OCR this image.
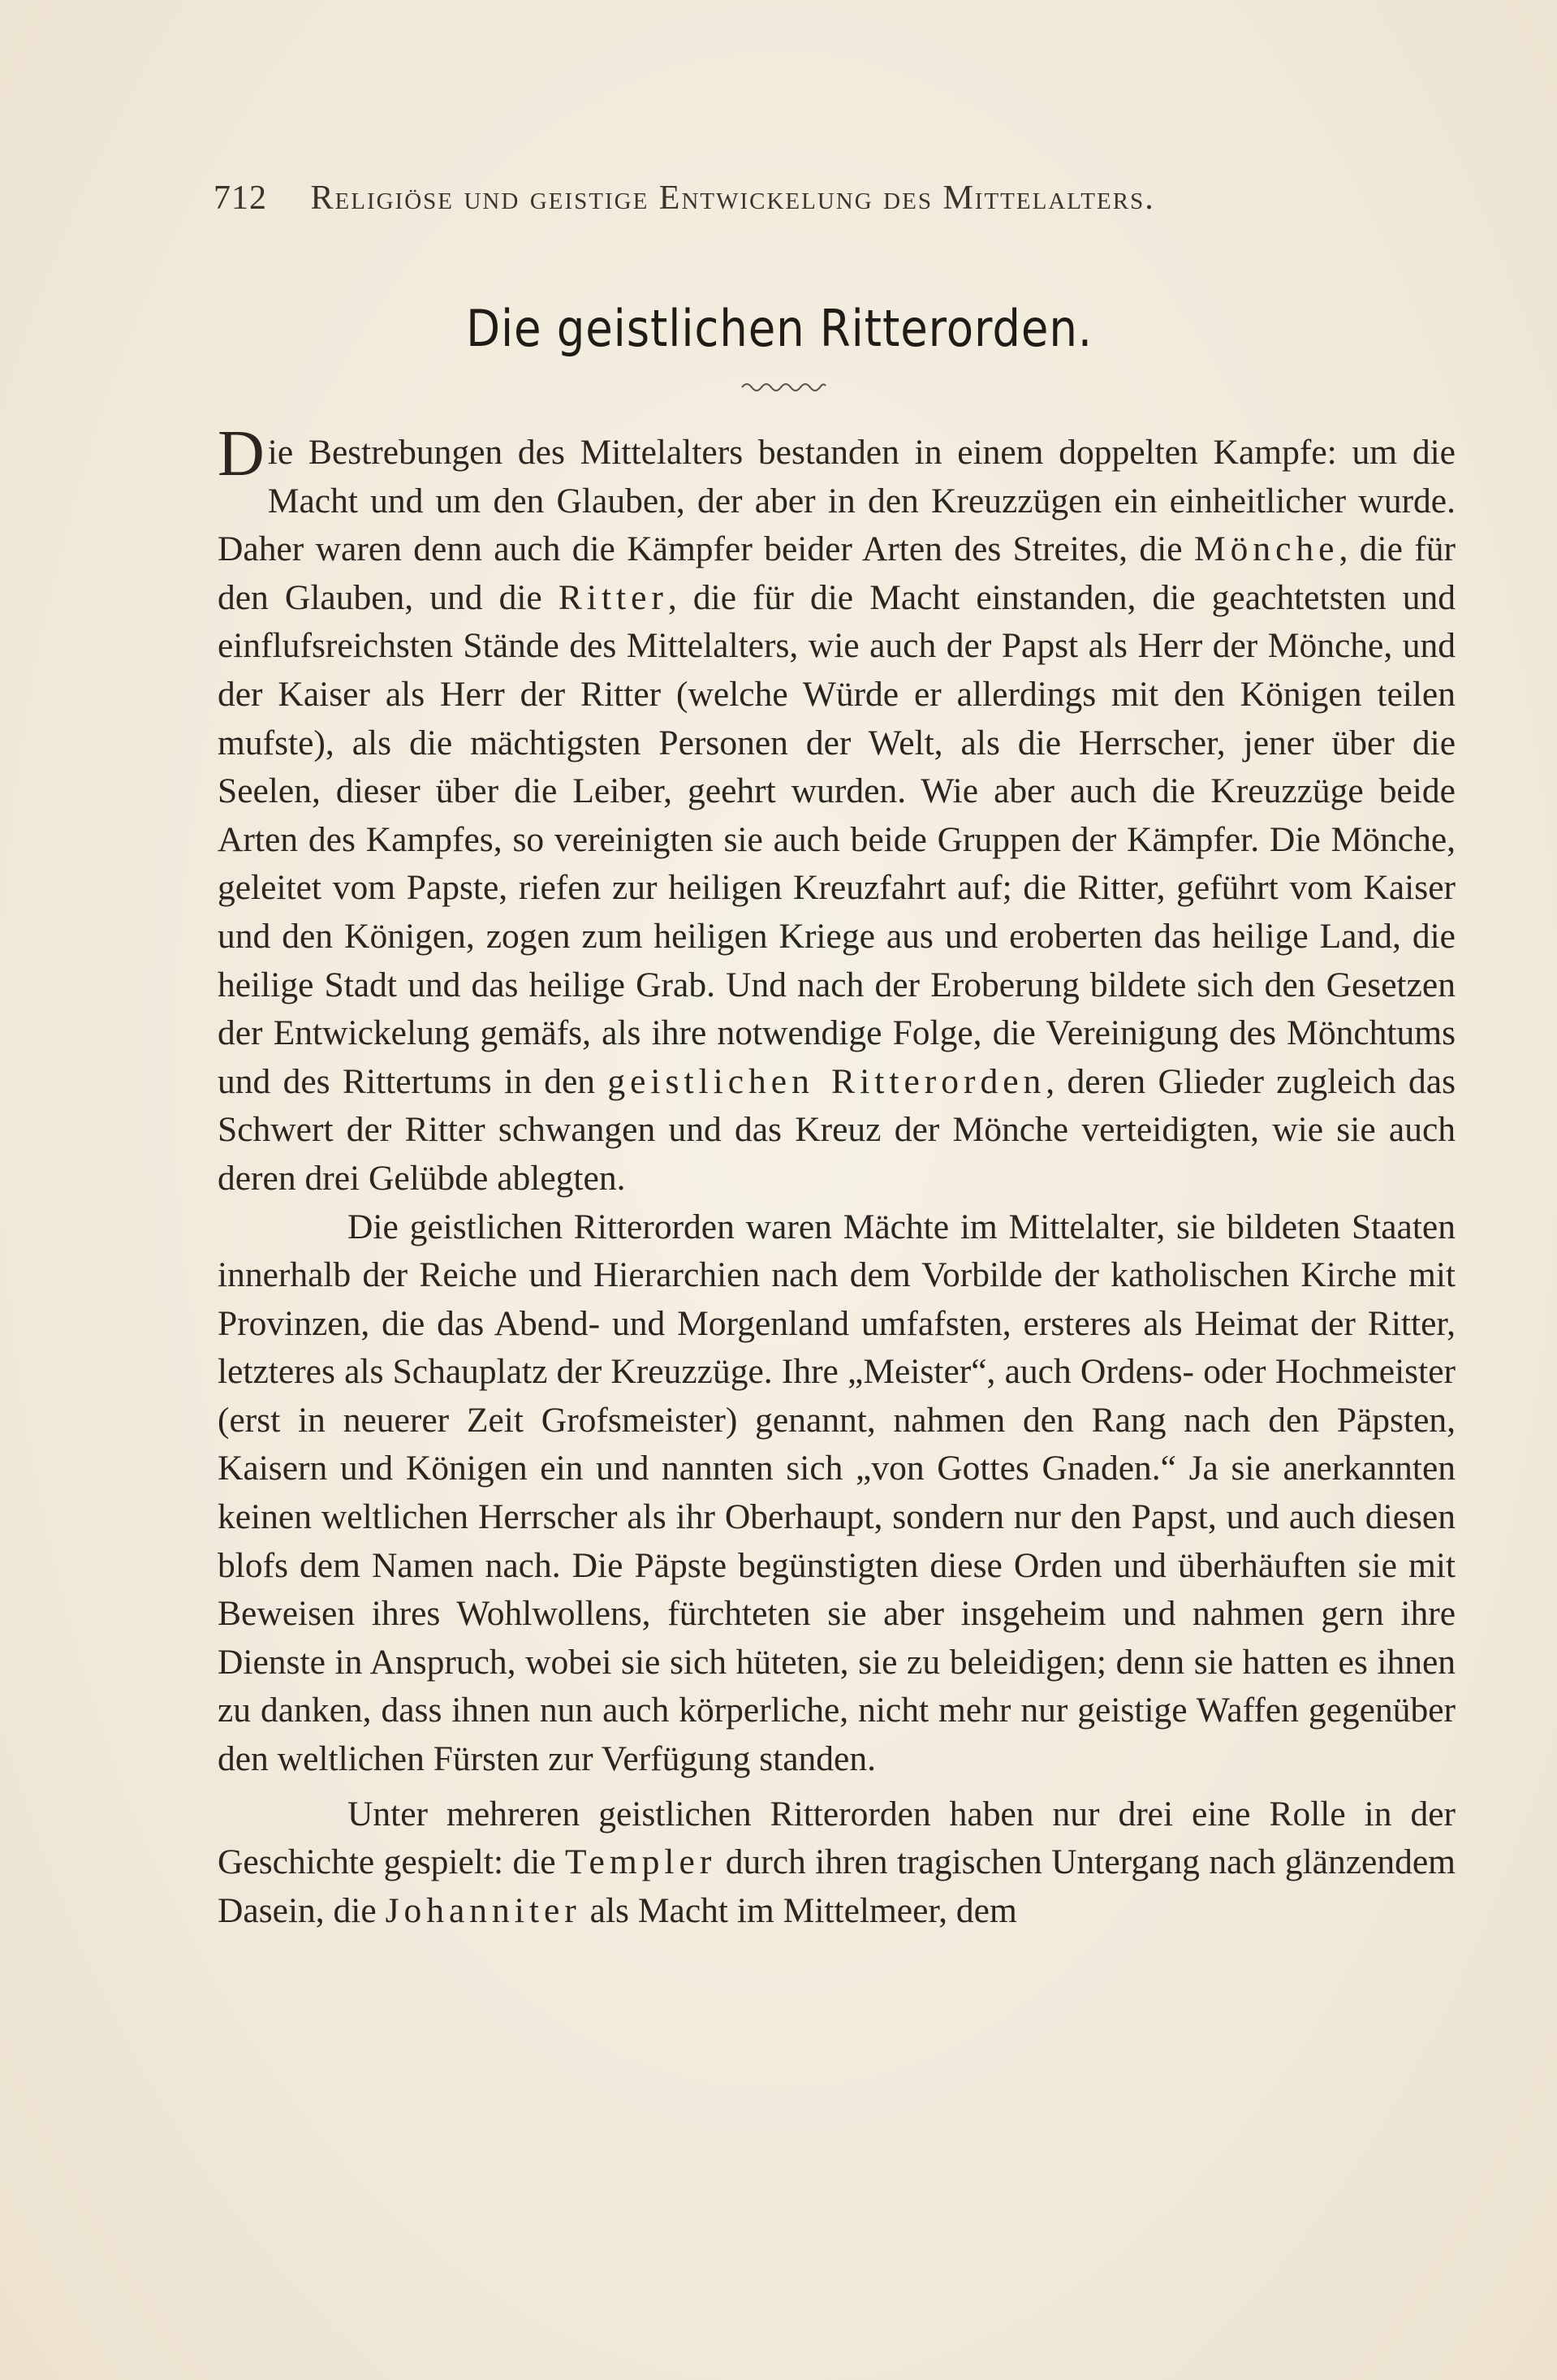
712 Religiöse und geistige Entwickelung des Mittelalters.
Die geistlichen Ritterorden.

Die Bestrebungen des Mittelalters bestanden in einem doppelten Kampfe: um die Macht und um den Glauben, der aber in den Kreuzzügen ein einheitlicher wurde. Daher waren denn auch die Kämpfer beider Arten des Streites, die Mönche, die für den Glauben, und die Ritter, die für die Macht einstanden, die geachtetsten und einflufsreichsten Stände des Mittelalters, wie auch der Papst als Herr der Mönche, und der Kaiser als Herr der Ritter (welche Würde er allerdings mit den Königen teilen mufste), als die mächtigsten Personen der Welt, als die Herrscher, jener über die Seelen, dieser über die Leiber, geehrt wurden. Wie aber auch die Kreuzzüge beide Arten des Kampfes, so vereinigten sie auch beide Gruppen der Kämpfer. Die Mönche, geleitet vom Papste, riefen zur heiligen Kreuzfahrt auf; die Ritter, geführt vom Kaiser und den Königen, zogen zum heiligen Kriege aus und eroberten das heilige Land, die heilige Stadt und das heilige Grab. Und nach der Eroberung bildete sich den Gesetzen der Entwickelung gemäfs, als ihre notwendige Folge, die Vereinigung des Mönchtums und des Rittertums in den geistlichen Ritterorden, deren Glieder zugleich das Schwert der Ritter schwangen und das Kreuz der Mönche verteidigten, wie sie auch deren drei Gelübde ablegten.

Die geistlichen Ritterorden waren Mächte im Mittelalter, sie bildeten Staaten innerhalb der Reiche und Hierarchien nach dem Vorbilde der katholischen Kirche mit Provinzen, die das Abend- und Morgenland umfafsten, ersteres als Heimat der Ritter, letzteres als Schauplatz der Kreuzzüge. Ihre „Meister“, auch Ordens- oder Hochmeister (erst in neuerer Zeit Grofsmeister) genannt, nahmen den Rang nach den Päpsten, Kaisern und Königen ein und nannten sich „von Gottes Gnaden.“ Ja sie anerkannten keinen weltlichen Herrscher als ihr Oberhaupt, sondern nur den Papst, und auch diesen blofs dem Namen nach. Die Päpste begünstigten diese Orden und überhäuften sie mit Beweisen ihres Wohlwollens, fürchteten sie aber insgeheim und nahmen gern ihre Dienste in Anspruch, wobei sie sich hüteten, sie zu beleidigen; denn sie hatten es ihnen zu danken, dass ihnen nun auch körperliche, nicht mehr nur geistige Waffen gegenüber den weltlichen Fürsten zur Verfügung standen.

Unter mehreren geistlichen Ritterorden haben nur drei eine Rolle in der Geschichte gespielt: die Templer durch ihren tragischen Untergang nach glänzendem Dasein, die Johanniter als Macht im Mittelmeer, dem
